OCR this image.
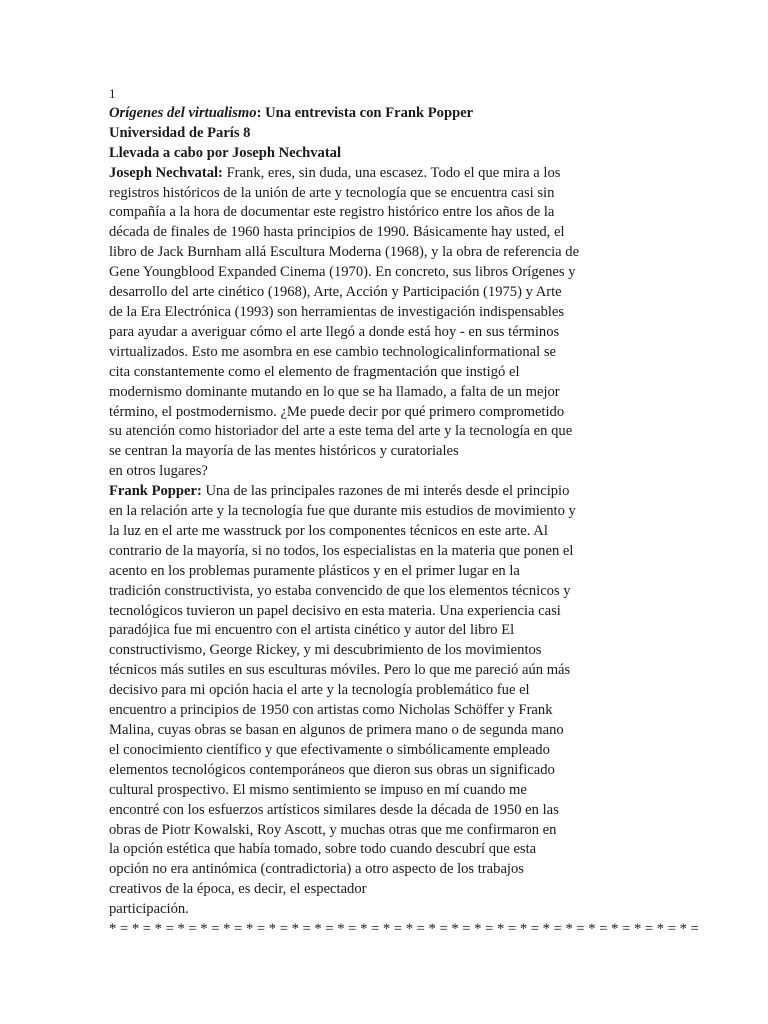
1
Orígenes del virtualismo: Una entrevista con Frank Popper
Universidad de París 8
Llevada a cabo por Joseph Nechvatal
Joseph Nechvatal: Frank, eres, sin duda, una escasez. Todo el que mira a los
registros históricos de la unión de arte y tecnología que se encuentra casi sin
compañía a la hora de documentar este registro histórico entre los años de la
década de finales de 1960 hasta principios de 1990. Básicamente hay usted, el
libro de Jack Burnham allá Escultura Moderna (1968), y la obra de referencia de
Gene Youngblood Expanded Cinema (1970). En concreto, sus libros Orígenes y
desarrollo del arte cinético (1968), Arte, Acción y Participación (1975) y Arte
de la Era Electrónica (1993) son herramientas de investigación indispensables
para ayudar a averiguar cómo el arte llegó a donde está hoy - en sus términos
virtualizados. Esto me asombra en ese cambio technologicalinformational se
cita constantemente como el elemento de fragmentación que instigó el
modernismo dominante mutando en lo que se ha llamado, a falta de un mejor
término, el postmodernismo. ¿Me puede decir por qué primero comprometido
su atención como historiador del arte a este tema del arte y la tecnología en que
se centran la mayoría de las mentes históricos y curatoriales
en otros lugares?
Frank Popper: Una de las principales razones de mi interés desde el principio
en la relación arte y la tecnología fue que durante mis estudios de movimiento y
la luz en el arte me wasstruck por los componentes técnicos en este arte. Al
contrario de la mayoría, si no todos, los especialistas en la materia que ponen el
acento en los problemas puramente plásticos y en el primer lugar en la
tradición constructivista, yo estaba convencido de que los elementos técnicos y
tecnológicos tuvieron un papel decisivo en esta materia. Una experiencia casi
paradójica fue mi encuentro con el artista cinético y autor del libro El
constructivismo, George Rickey, y mi descubrimiento de los movimientos
técnicos más sutiles en sus esculturas móviles. Pero lo que me pareció aún más
decisivo para mi opción hacia el arte y la tecnología problemático fue el
encuentro a principios de 1950 con artistas como Nicholas Schöffer y Frank
Malina, cuyas obras se basan en algunos de primera mano o de segunda mano
el conocimiento científico y que efectivamente o simbólicamente empleado
elementos tecnológicos contemporáneos que dieron sus obras un significado
cultural prospectivo. El mismo sentimiento se impuso en mí cuando me
encontré con los esfuerzos artísticos similares desde la década de 1950 en las
obras de Piotr Kowalski, Roy Ascott, y muchas otras que me confirmaron en
la opción estética que había tomado, sobre todo cuando descubrí que esta
opción no era antinómica (contradictoria) a otro aspecto de los trabajos
creativos de la época, es decir, el espectador
participación.
* = * = * = * = * = * = * = * = * = * = * = * = * = * = * = * = * = * = * = * = * = * = * = * = * = * =
